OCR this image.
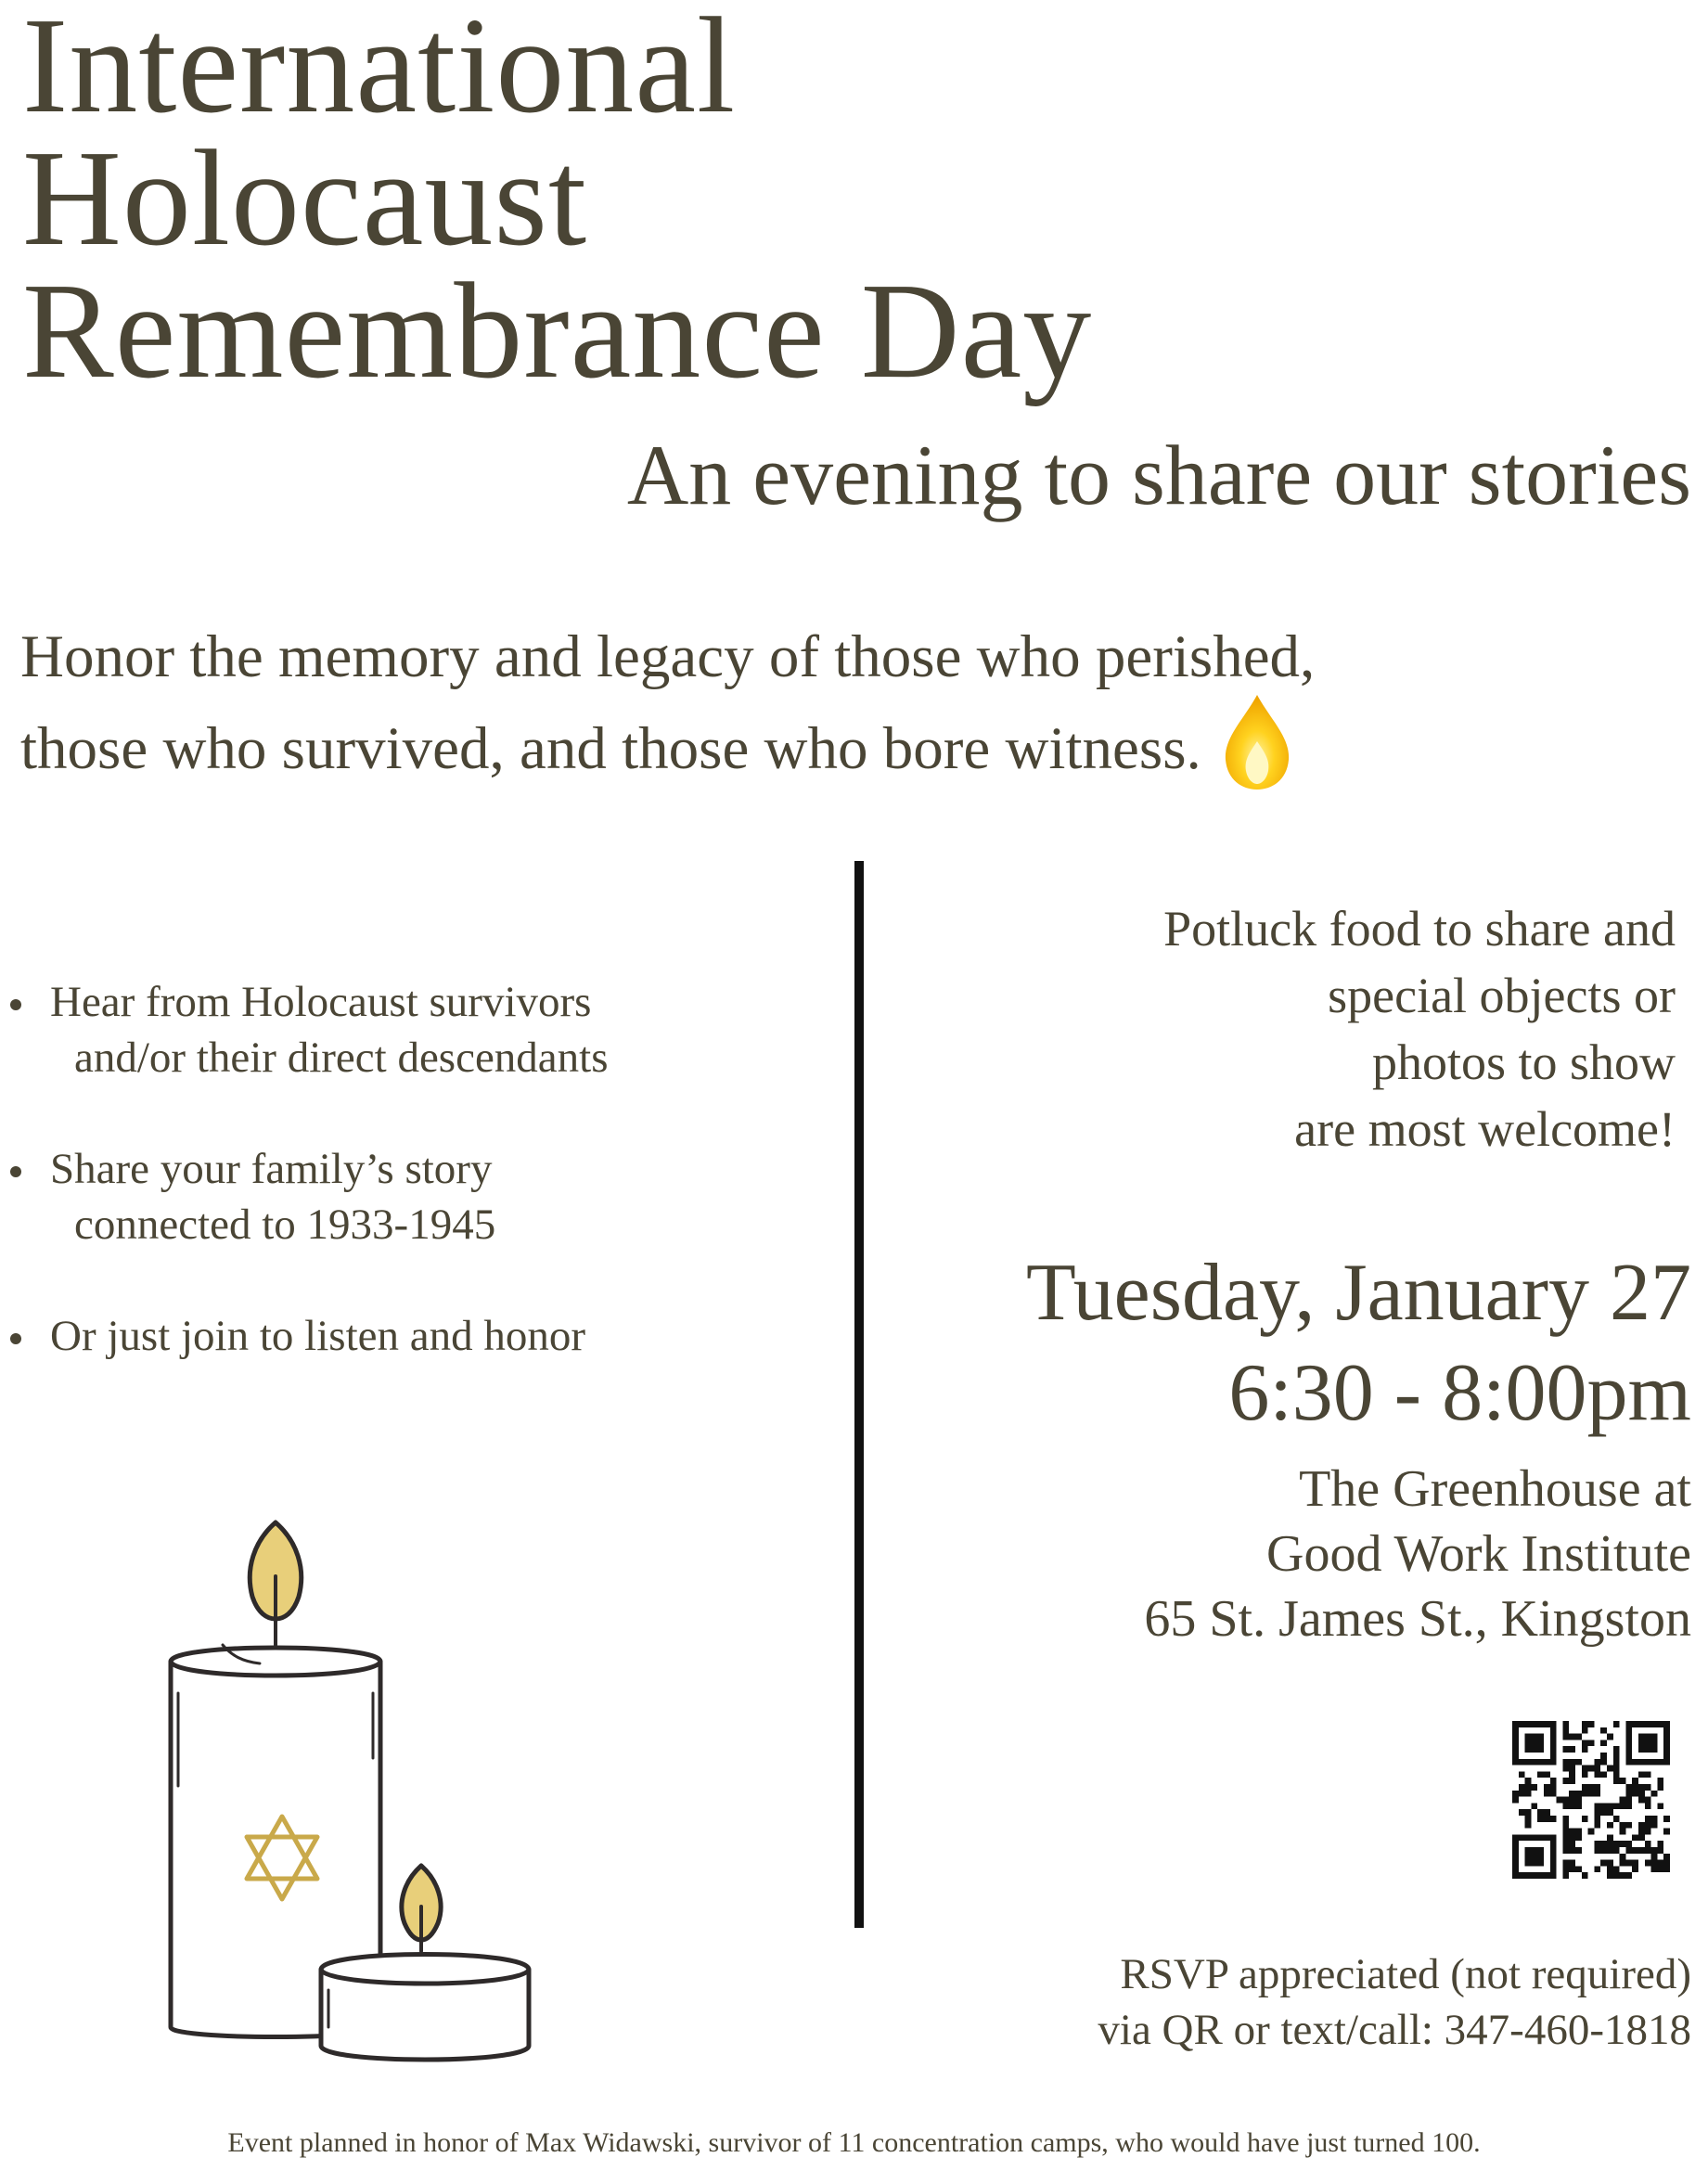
International
Holocaust
Remembrance Day
An evening to share our stories
Honor the memory and legacy of those who perished,
those who survived, and those who bore witness.
Hear from Holocaust survivors
and/or their direct descendants
Share your family’s story
connected to 1933-1945
Or just join to listen and honor
Potluck food to share and
special objects or
photos to show
are most welcome!
Tuesday, January 27
6:30 - 8:00pm
The Greenhouse at
Good Work Institute
65 St. James St., Kingston
RSVP appreciated (not required)
via QR or text/call: 347-460-1818
Event planned in honor of Max Widawski, survivor of 11 concentration camps, who would have just turned 100.
